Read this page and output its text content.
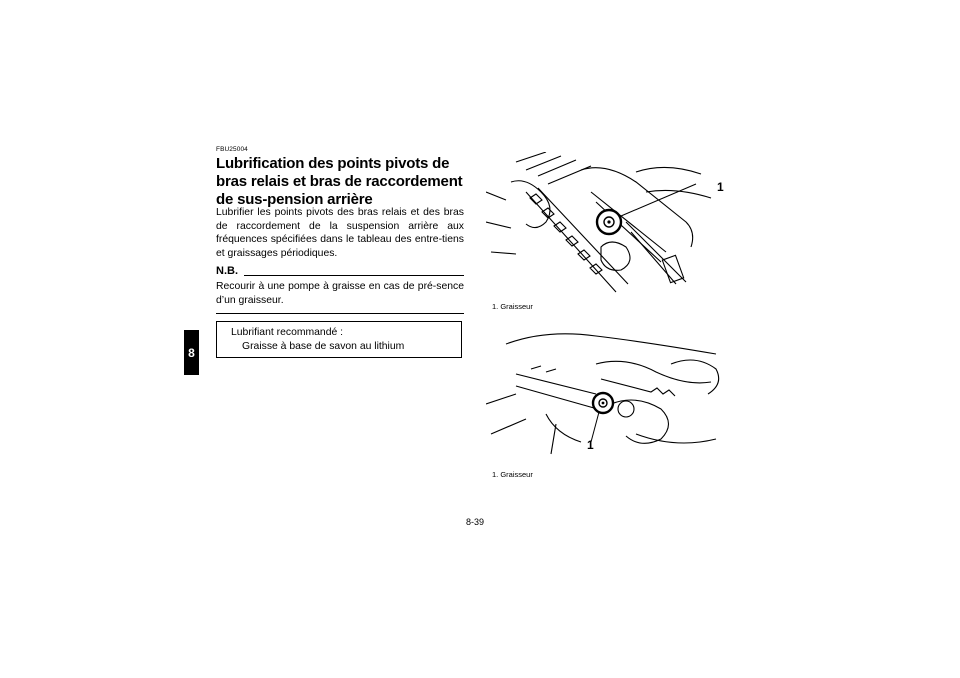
8
FBU25004
Lubrification des points pivots de bras relais et bras de raccordement de sus-pension arrière

Lubrifier les points pivots des bras relais et des bras de raccordement de la suspension arrière aux fréquences spécifiées dans le tableau des entre-tiens et graissages périodiques.

N.B.

Recourir à une pompe à graisse en cas de pré-sence d’un graisseur.

Lubrifiant recommandé :
Graisse à base de savon au lithium
1
1. Graisseur
1
1. Graisseur
8-39
